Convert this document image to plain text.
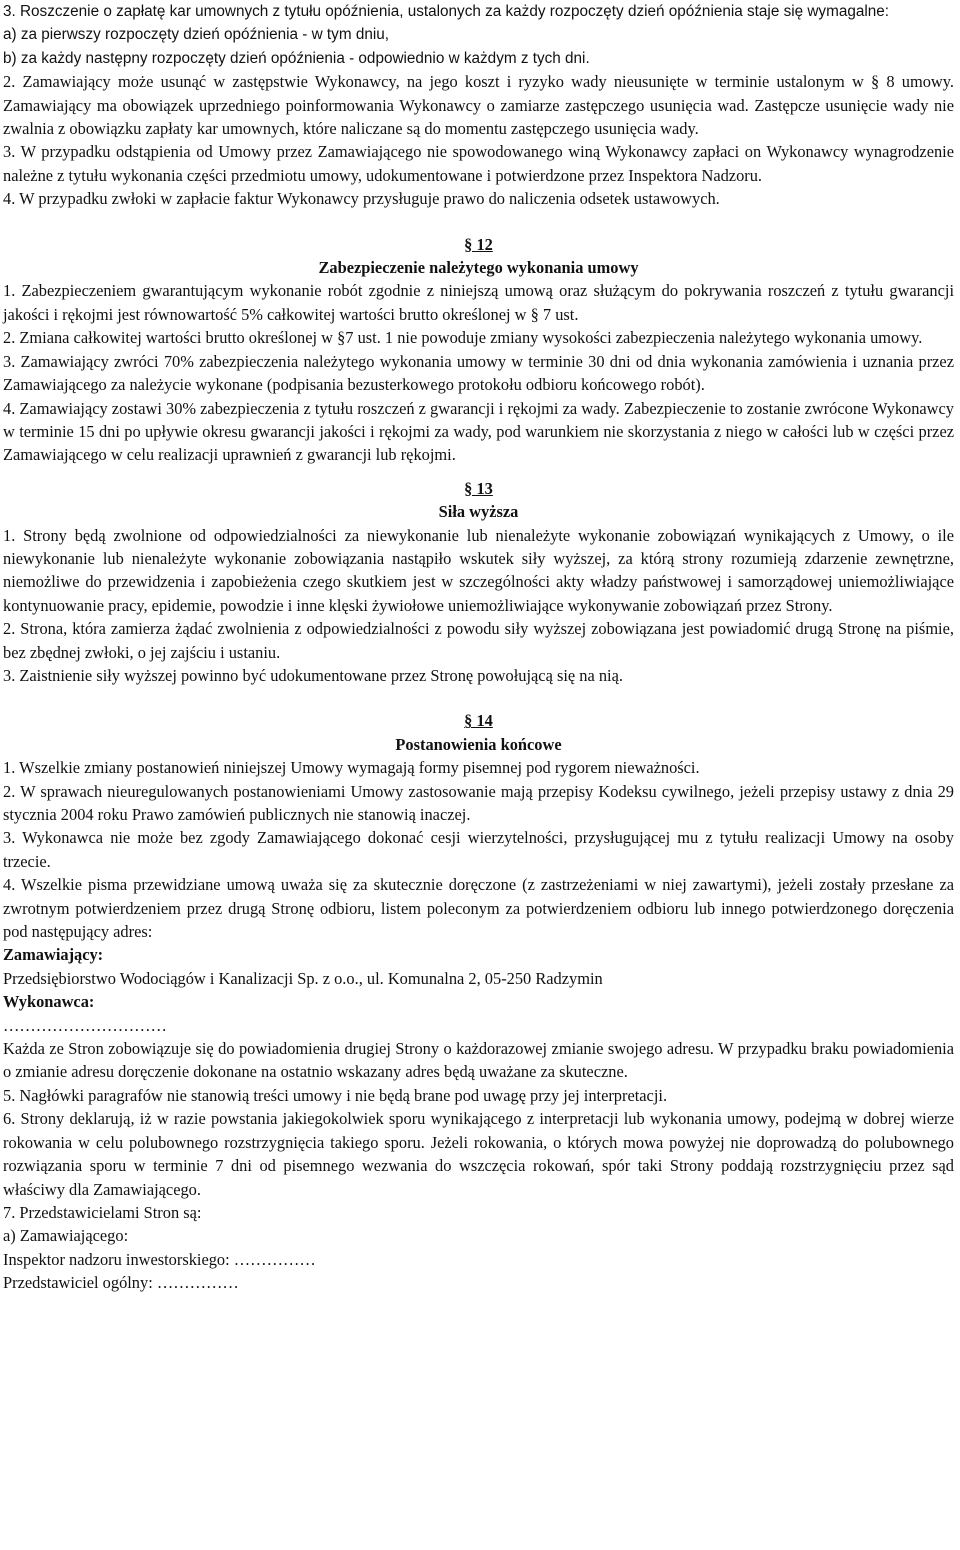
3. Roszczenie o zapłatę kar umownych z tytułu opóźnienia, ustalonych za każdy rozpoczęty dzień opóźnienia staje się wymagalne:

a) za pierwszy rozpoczęty dzień opóźnienia - w tym dniu,

b) za każdy następny rozpoczęty dzień opóźnienia - odpowiednio w każdym z tych dni.

2. Zamawiający może usunąć w zastępstwie Wykonawcy, na jego koszt i ryzyko wady nieusunięte w terminie ustalonym w § 8 umowy. Zamawiający ma obowiązek uprzedniego poinformowania Wykonawcy o zamiarze zastępczego usunięcia wad. Zastępcze usunięcie wady nie zwalnia z obowiązku zapłaty kar umownych, które naliczane są do momentu zastępczego usunięcia wady.

3. W przypadku odstąpienia od Umowy przez Zamawiającego nie spowodowanego winą Wykonawcy zapłaci on Wykonawcy wynagrodzenie należne z tytułu wykonania części przedmiotu umowy, udokumentowane i potwierdzone przez Inspektora Nadzoru.

4. W przypadku zwłoki w zapłacie faktur Wykonawcy przysługuje prawo do naliczenia odsetek ustawowych.

§ 12

Zabezpieczenie należytego wykonania umowy

1. Zabezpieczeniem gwarantującym wykonanie robót zgodnie z niniejszą umową oraz służącym do pokrywania roszczeń z tytułu gwarancji jakości i rękojmi jest równowartość 5% całkowitej wartości brutto określonej w § 7 ust.

2. Zmiana całkowitej wartości brutto określonej w §7 ust. 1 nie powoduje zmiany wysokości zabezpieczenia należytego wykonania umowy.

3. Zamawiający zwróci 70% zabezpieczenia należytego wykonania umowy w terminie 30 dni od dnia wykonania zamówienia i uznania przez Zamawiającego za należycie wykonane (podpisania bezusterkowego protokołu odbioru końcowego robót).

4. Zamawiający zostawi 30% zabezpieczenia z tytułu roszczeń z gwarancji i rękojmi za wady. Zabezpieczenie to zostanie zwrócone Wykonawcy w terminie 15 dni po upływie okresu gwarancji jakości i rękojmi za wady, pod warunkiem nie skorzystania z niego w całości lub w części przez Zamawiającego w celu realizacji uprawnień z gwarancji lub rękojmi.

§ 13

Siła wyższa

1. Strony będą zwolnione od odpowiedzialności za niewykonanie lub nienależyte wykonanie zobowiązań wynikających z Umowy, o ile niewykonanie lub nienależyte wykonanie zobowiązania nastąpiło wskutek siły wyższej, za którą strony rozumieją zdarzenie zewnętrzne, niemożliwe do przewidzenia i zapobieżenia czego skutkiem jest w szczególności akty władzy państwowej i samorządowej uniemożliwiające kontynuowanie pracy, epidemie, powodzie i inne klęski żywiołowe uniemożliwiające wykonywanie zobowiązań przez Strony.

2. Strona, która zamierza żądać zwolnienia z odpowiedzialności z powodu siły wyższej zobowiązana jest powiadomić drugą Stronę na piśmie, bez zbędnej zwłoki, o jej zajściu i ustaniu.

3. Zaistnienie siły wyższej powinno być udokumentowane przez Stronę powołującą się na nią.

§ 14

Postanowienia końcowe

1. Wszelkie zmiany postanowień niniejszej Umowy wymagają formy pisemnej pod rygorem nieważności.

2. W sprawach nieuregulowanych postanowieniami Umowy zastosowanie mają przepisy Kodeksu cywilnego, jeżeli przepisy ustawy z dnia 29 stycznia 2004 roku Prawo zamówień publicznych nie stanowią inaczej.

3. Wykonawca nie może bez zgody Zamawiającego dokonać cesji wierzytelności, przysługującej mu z tytułu realizacji Umowy na osoby trzecie.

4. Wszelkie pisma przewidziane umową uważa się za skutecznie doręczone (z zastrzeżeniami w niej zawartymi), jeżeli zostały przesłane za zwrotnym potwierdzeniem przez drugą Stronę odbioru, listem poleconym za potwierdzeniem odbioru lub innego potwierdzonego doręczenia pod następujący adres:

Zamawiający:

Przedsiębiorstwo Wodociągów i Kanalizacji Sp. z o.o., ul. Komunalna 2, 05-250 Radzymin

Wykonawca:

…………………………

Każda ze Stron zobowiązuje się do powiadomienia drugiej Strony o każdorazowej zmianie swojego adresu. W przypadku braku powiadomienia o zmianie adresu doręczenie dokonane na ostatnio wskazany adres będą uważane za skuteczne.

5. Nagłówki paragrafów nie stanowią treści umowy i nie będą brane pod uwagę przy jej interpretacji.

6. Strony deklarują, iż w razie powstania jakiegokolwiek sporu wynikającego z interpretacji lub wykonania umowy, podejmą w dobrej wierze rokowania w celu polubownego rozstrzygnięcia takiego sporu. Jeżeli rokowania, o których mowa powyżej nie doprowadzą do polubownego rozwiązania sporu w terminie 7 dni od pisemnego wezwania do wszczęcia rokowań, spór taki Strony poddają rozstrzygnięciu przez sąd właściwy dla Zamawiającego.

7. Przedstawicielami Stron są:

a) Zamawiającego:

Inspektor nadzoru inwestorskiego: ……………

Przedstawiciel ogólny: ……………
